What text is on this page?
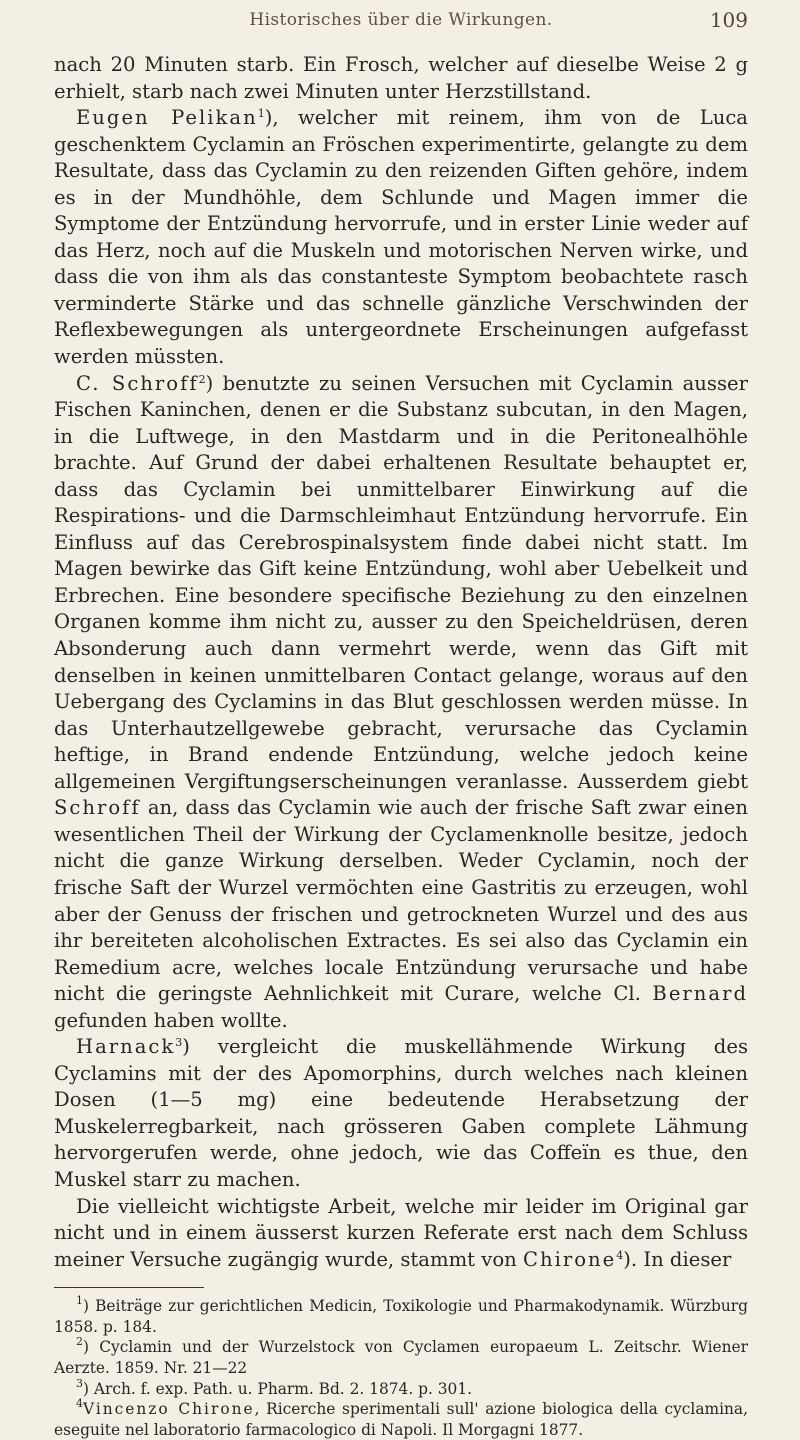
Historisches über die Wirkungen.	109

nach 20 Minuten starb. Ein Frosch, welcher auf dieselbe Weise 2 g erhielt, starb nach zwei Minuten unter Herzstillstand.

Eugen Pelikan$^1$), welcher mit reinem, ihm von de Luca geschenktem Cyclamin an Fröschen experimentirte, gelangte zu dem Resultate, dass das Cyclamin zu den reizenden Giften gehöre, indem es in der Mundhöhle, dem Schlunde und Magen immer die Symptome der Entzündung hervorrufe, und in erster Linie weder auf das Herz, noch auf die Muskeln und motorischen Nerven wirke, und dass die von ihm als das constanteste Symptom beobachtete rasch verminderte Stärke und das schnelle gänzliche Verschwinden der Reflexbewegungen als untergeordnete Erscheinungen aufgefasst werden müssten.

C. Schroff$^2$) benutzte zu seinen Versuchen mit Cyclamin ausser Fischen Kaninchen, denen er die Substanz subcutan, in den Magen, in die Luftwege, in den Mastdarm und in die Peritonealhöhle brachte. Auf Grund der dabei erhaltenen Resultate behauptet er, dass das Cyclamin bei unmittelbarer Einwirkung auf die Respirations- und die Darmschleimhaut Entzündung hervorrufe. Ein Einfluss auf das Cerebrospinalsystem finde dabei nicht statt. Im Magen bewirke das Gift keine Entzündung, wohl aber Uebelkeit und Erbrechen. Eine besondere specifische Beziehung zu den einzelnen Organen komme ihm nicht zu, ausser zu den Speicheldrüsen, deren Absonderung auch dann vermehrt werde, wenn das Gift mit denselben in keinen unmittelbaren Contact gelange, woraus auf den Uebergang des Cyclamins in das Blut geschlossen werden müsse. In das Unterhautzellgewebe gebracht, verursache das Cyclamin heftige, in Brand endende Entzündung, welche jedoch keine allgemeinen Vergiftungserscheinungen veranlasse. Ausserdem giebt Schroff an, dass das Cyclamin wie auch der frische Saft zwar einen wesentlichen Theil der Wirkung der Cyclamenknolle besitze, jedoch nicht die ganze Wirkung derselben. Weder Cyclamin, noch der frische Saft der Wurzel vermöchten eine Gastritis zu erzeugen, wohl aber der Genuss der frischen und getrockneten Wurzel und des aus ihr bereiteten alcoholischen Extractes. Es sei also das Cyclamin ein Remedium acre, welches locale Entzündung verursache und habe nicht die geringste Aehnlichkeit mit Curare, welche Cl. Bernard gefunden haben wollte.

Harnack$^3$) vergleicht die muskellähmende Wirkung des Cyclamins mit der des Apomorphins, durch welches nach kleinen Dosen (1—5 mg) eine bedeutende Herabsetzung der Muskelerregbarkeit, nach grösseren Gaben complete Lähmung hervorgerufen werde, ohne jedoch, wie das Coffeïn es thue, den Muskel starr zu machen.

Die vielleicht wichtigste Arbeit, welche mir leider im Original gar nicht und in einem äusserst kurzen Referate erst nach dem Schluss meiner Versuche zugängig wurde, stammt von Chirone$^4$). In dieser

$^1$) Beiträge zur gerichtlichen Medicin, Toxikologie und Pharmakodynamik. Würzburg 1858. p. 184.

$^2$) Cyclamin und der Wurzelstock von Cyclamen europaeum L. Zeitschr. Wiener Aerzte. 1859. Nr. 21—22

$^3$) Arch. f. exp. Path. u. Pharm. Bd. 2. 1874. p. 301.

$^4$Vincenzo Chirone, Ricerche sperimentali sull' azione biologica della cyclamina, eseguite nel laboratorio farmacologico di Napoli. Il Morgagni 1877.
